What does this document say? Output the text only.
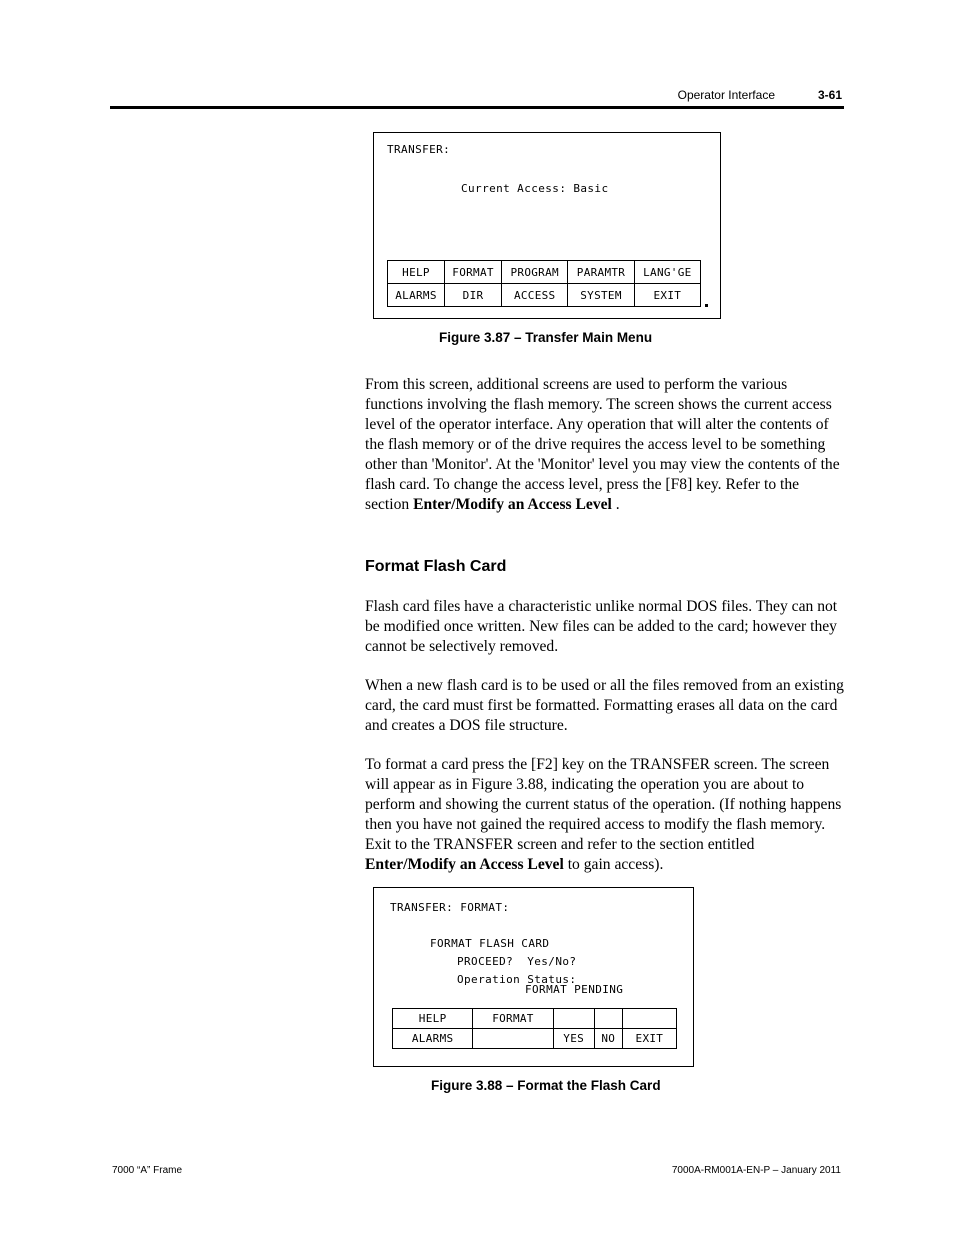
Operator Interface	3-61
TRANSFER:
Current Access: Basic
HELP	FORMAT	PROGRAM	PARAMTR	LANG'GE
ALARMS	DIR	ACCESS	SYSTEM	EXIT
Figure 3.87 – Transfer Main Menu
From this screen, additional screens are used to perform the various functions involving the flash memory. The screen shows the current access level of the operator interface. Any operation that will alter the contents of the flash memory or of the drive requires the access level to be something other than 'Monitor'. At the 'Monitor' level you may view the contents of the flash card. To change the access level, press the [F8] key. Refer to the section Enter/Modify an Access Level .
Format Flash Card
Flash card files have a characteristic unlike normal DOS files. They can not be modified once written. New files can be added to the card; however they cannot be selectively removed.
When a new flash card is to be used or all the files removed from an existing card, the card must first be formatted. Formatting erases all data on the card and creates a DOS file structure.
To format a card press the [F2] key on the TRANSFER screen. The screen will appear as in Figure 3.88, indicating the operation you are about to perform and showing the current status of the operation. (If nothing happens then you have not gained the required access to modify the flash memory. Exit to the TRANSFER screen and refer to the section entitled Enter/Modify an Access Level to gain access).
TRANSFER: FORMAT:
FORMAT FLASH CARD
PROCEED?  Yes/No?
Operation Status:
FORMAT PENDING
HELP	FORMAT			
ALARMS		YES	NO	EXIT
Figure 3.88 – Format the Flash Card
7000 “A” Frame	7000A-RM001A-EN-P – January 2011
